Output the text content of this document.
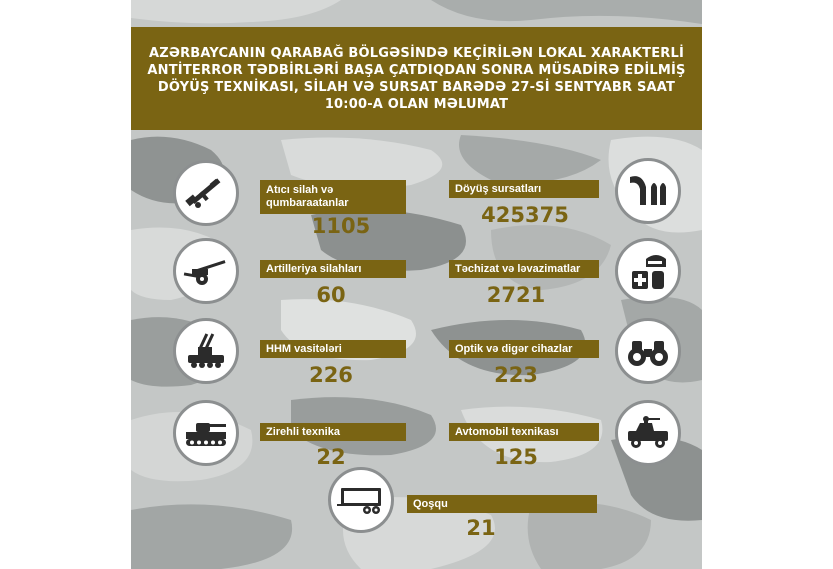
AZƏRBAYCANIN QARABAĞ BÖLGƏSİNDƏ KEÇİRİLƏN LOKAL XARAKTERLİ ANTİTERROR TƏDBİRLƏRİ BAŞA ÇATDIQDAN SONRA MÜSADİRƏ EDİLMİŞ DÖYÜŞ TEXNİKASI, SİLAH VƏ SURSAT BARƏDƏ 27-Sİ SENTYABR SAAT 10:00-A OLAN MƏLUMAT

Atıcı silah və qumbaraatanlar
1105
Artilleriya silahları
60
HHM vasitələri
226
Zirehli texnika
22
Döyüş sursatları
425375
Təchizat və ləvazimatlar
2721
Optik və digər cihazlar
223
Avtomobil texnikası
125
Qoşqu
21
